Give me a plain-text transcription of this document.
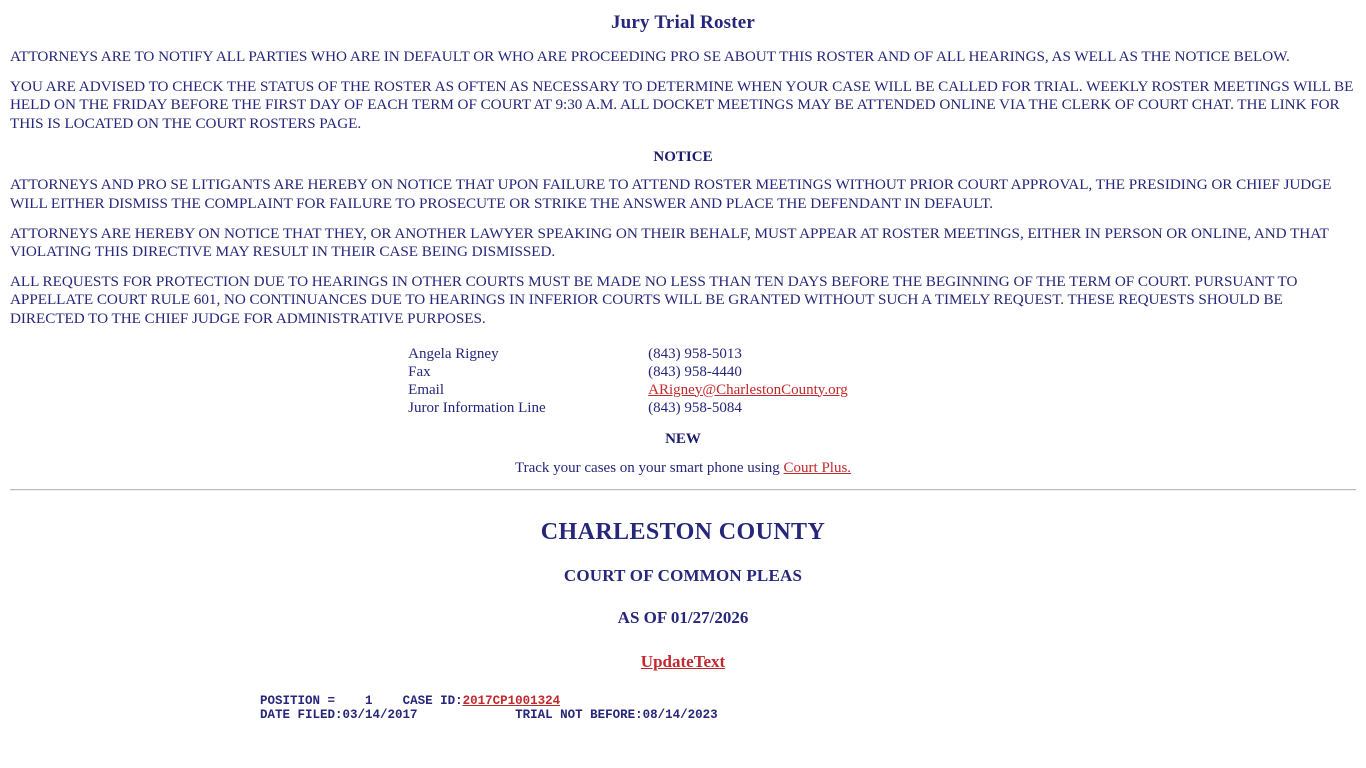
Jury Trial Roster

ATTORNEYS ARE TO NOTIFY ALL PARTIES WHO ARE IN DEFAULT OR WHO ARE PROCEEDING PRO SE ABOUT THIS ROSTER AND OF ALL HEARINGS, AS WELL AS THE NOTICE BELOW.

YOU ARE ADVISED TO CHECK THE STATUS OF THE ROSTER AS OFTEN AS NECESSARY TO DETERMINE WHEN YOUR CASE WILL BE CALLED FOR TRIAL. WEEKLY ROSTER MEETINGS WILL BE HELD ON THE FRIDAY BEFORE THE FIRST DAY OF EACH TERM OF COURT AT 9:30 A.M. ALL DOCKET MEETINGS MAY BE ATTENDED ONLINE VIA THE CLERK OF COURT CHAT. THE LINK FOR THIS IS LOCATED ON THE COURT ROSTERS PAGE.

NOTICE

ATTORNEYS AND PRO SE LITIGANTS ARE HEREBY ON NOTICE THAT UPON FAILURE TO ATTEND ROSTER MEETINGS WITHOUT PRIOR COURT APPROVAL, THE PRESIDING OR CHIEF JUDGE WILL EITHER DISMISS THE COMPLAINT FOR FAILURE TO PROSECUTE OR STRIKE THE ANSWER AND PLACE THE DEFENDANT IN DEFAULT.

ATTORNEYS ARE HEREBY ON NOTICE THAT THEY, OR ANOTHER LAWYER SPEAKING ON THEIR BEHALF, MUST APPEAR AT ROSTER MEETINGS, EITHER IN PERSON OR ONLINE, AND THAT VIOLATING THIS DIRECTIVE MAY RESULT IN THEIR CASE BEING DISMISSED.

ALL REQUESTS FOR PROTECTION DUE TO HEARINGS IN OTHER COURTS MUST BE MADE NO LESS THAN TEN DAYS BEFORE THE BEGINNING OF THE TERM OF COURT. PURSUANT TO APPELLATE COURT RULE 601, NO CONTINUANCES DUE TO HEARINGS IN INFERIOR COURTS WILL BE GRANTED WITHOUT SUCH A TIMELY REQUEST. THESE REQUESTS SHOULD BE DIRECTED TO THE CHIEF JUDGE FOR ADMINISTRATIVE PURPOSES.

Angela Rigney	(843) 958-5013
Fax	(843) 958-4440
Email	ARigney@CharlestonCounty.org
Juror Information Line	(843) 958-5084
NEW
Track your cases on your smart phone using Court Plus.
CHARLESTON COUNTY
COURT OF COMMON PLEAS
AS OF 01/27/2026
UpdateText
POSITION = 1 CASE ID:2017CP1001324
DATE FILED:03/14/2017	TRIAL NOT BEFORE:08/14/2023
